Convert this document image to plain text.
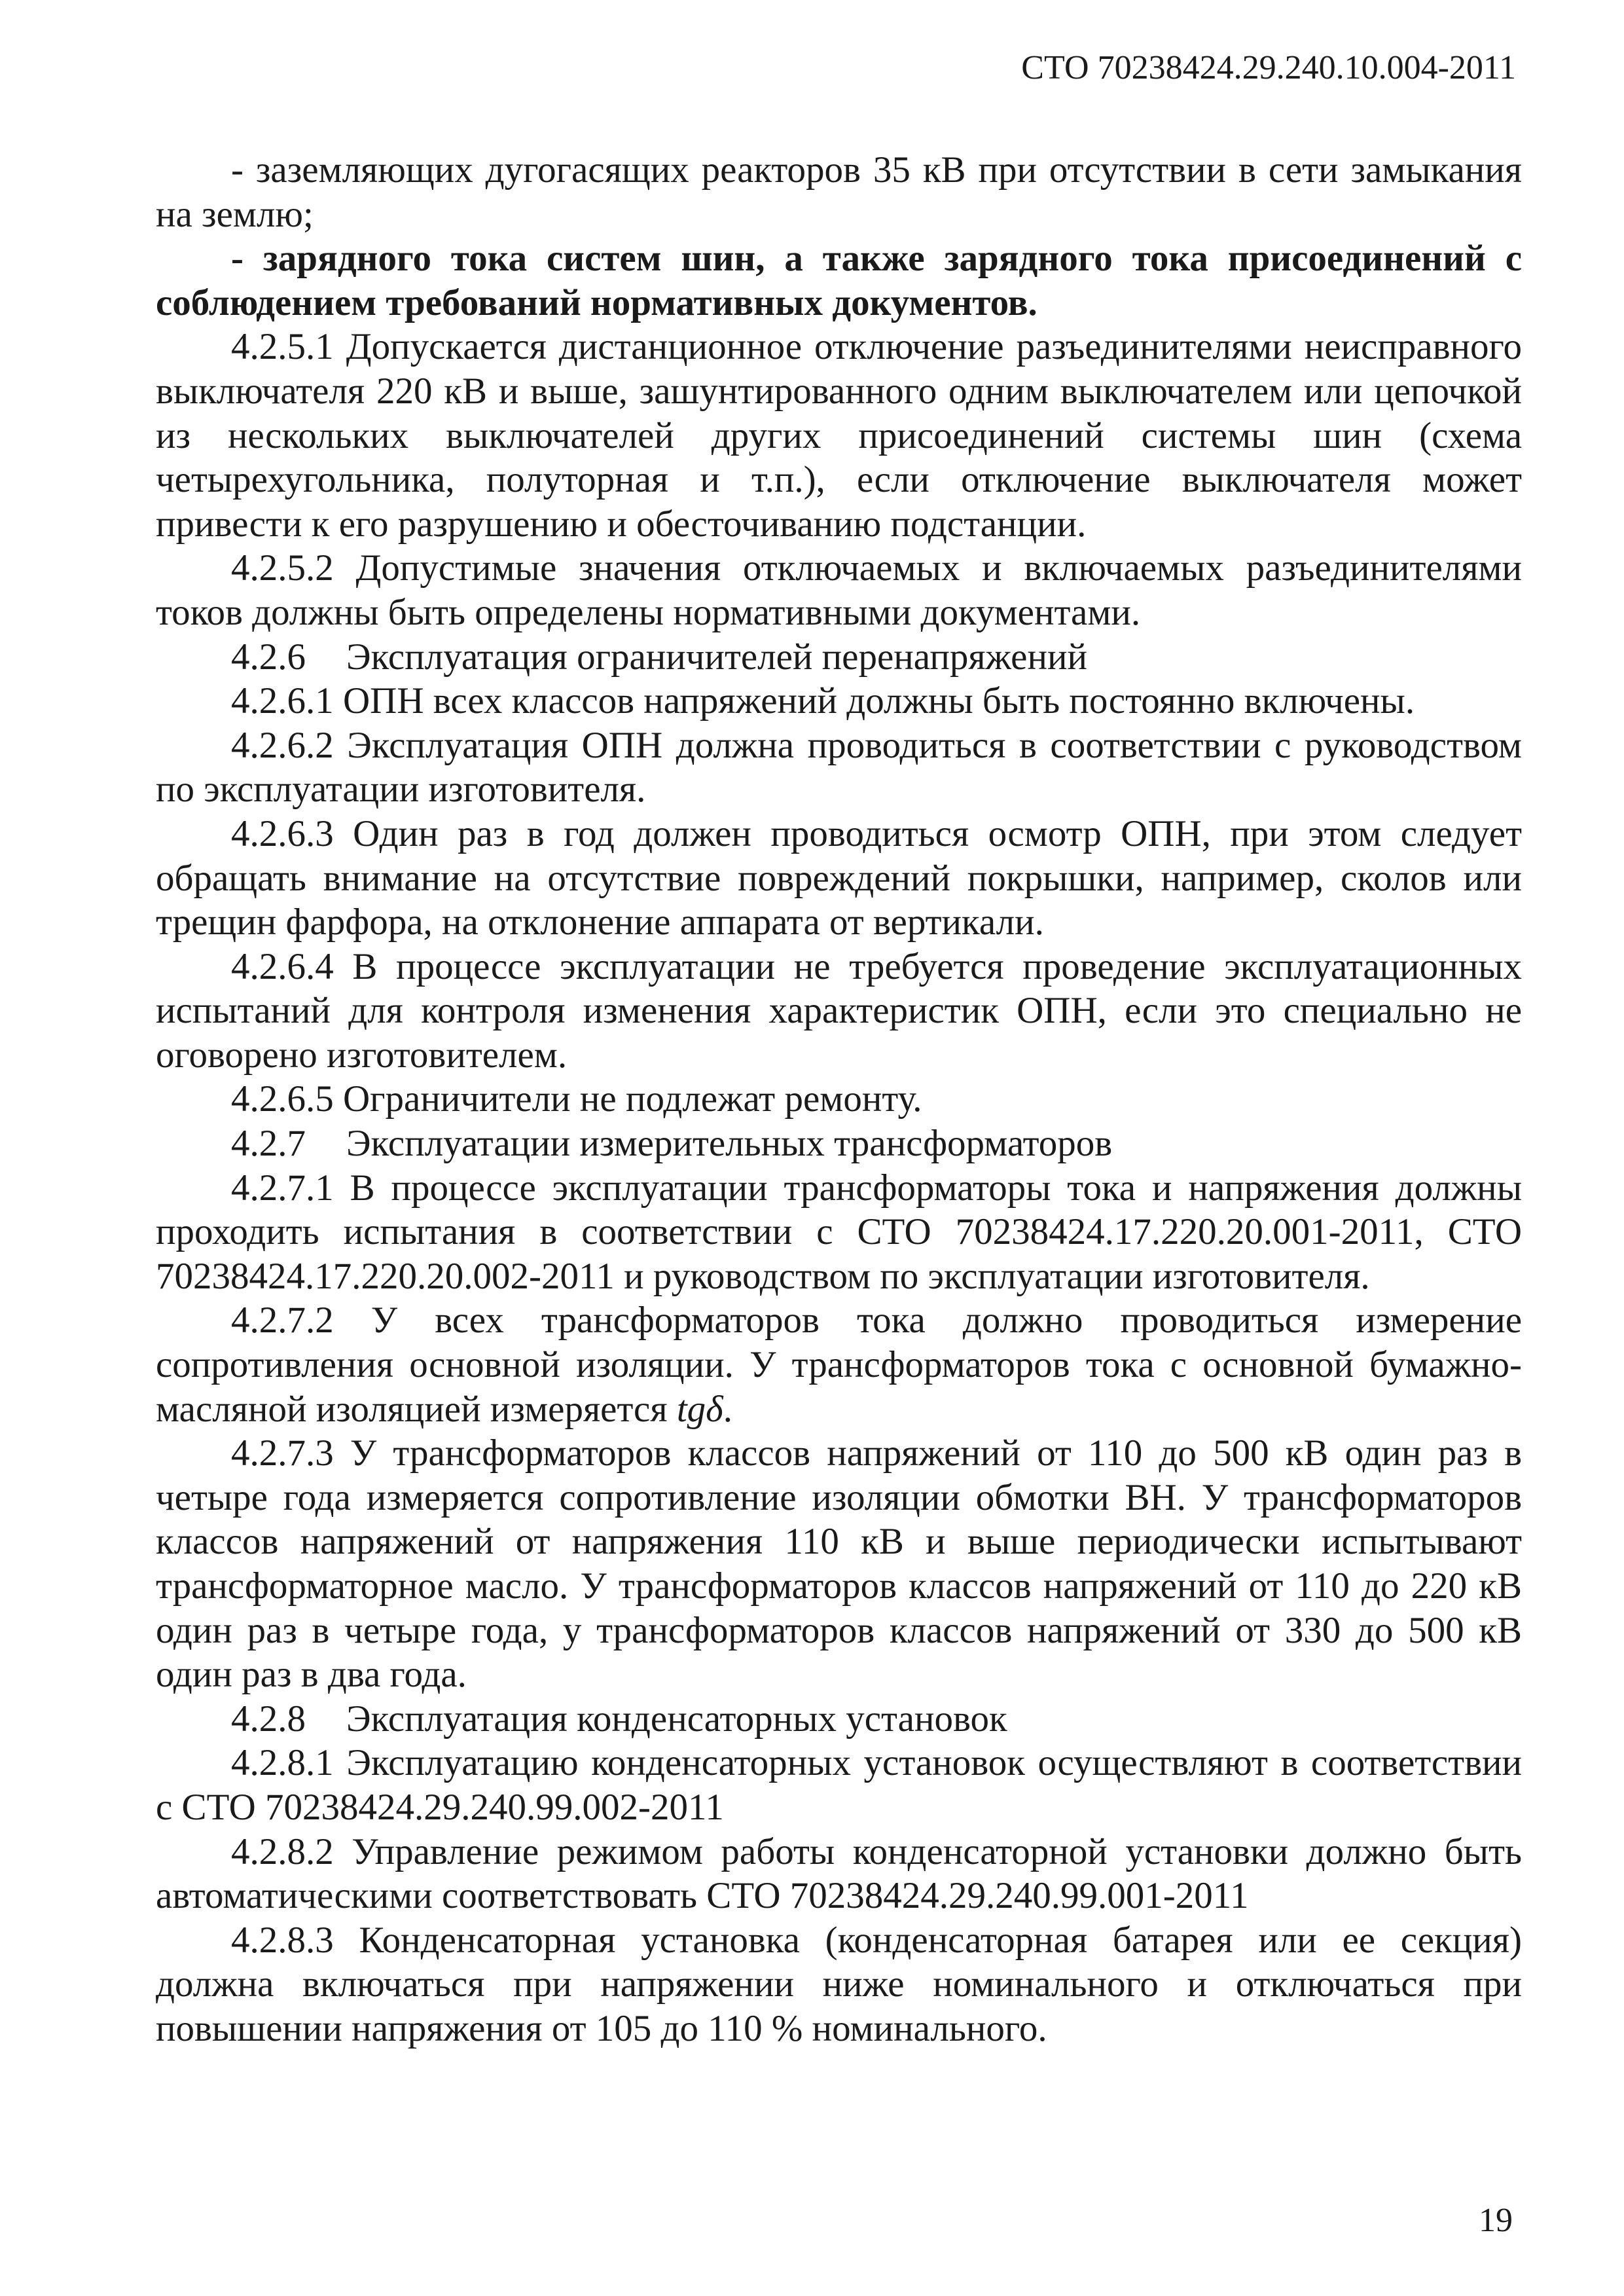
СТО 70238424.29.240.10.004-2011

- заземляющих дугогасящих реакторов 35 кВ при отсутствии в сети замыкания на землю;

- зарядного тока систем шин, а также зарядного тока присоединений с соблюдением требований нормативных документов.

4.2.5.1 Допускается дистанционное отключение разъединителями неисправного выключателя 220 кВ и выше, зашунтированного одним выключателем или цепочкой из нескольких выключателей других присоединений системы шин (схема четырехугольника, полуторная и т.п.), если отключение выключателя может привести к его разрушению и обесточиванию подстанции.

4.2.5.2 Допустимые значения отключаемых и включаемых разъединителями токов должны быть определены нормативными документами.

4.2.6 Эксплуатация ограничителей перенапряжений

4.2.6.1 ОПН всех классов напряжений должны быть постоянно включены.

4.2.6.2 Эксплуатация ОПН должна проводиться в соответствии с руководством по эксплуатации изготовителя.

4.2.6.3 Один раз в год должен проводиться осмотр ОПН, при этом следует обращать внимание на отсутствие повреждений покрышки, например, сколов или трещин фарфора, на отклонение аппарата от вертикали.

4.2.6.4 В процессе эксплуатации не требуется проведение эксплуатационных испытаний для контроля изменения характеристик ОПН, если это специально не оговорено изготовителем.

4.2.6.5 Ограничители не подлежат ремонту.

4.2.7 Эксплуатации измерительных трансформаторов

4.2.7.1 В процессе эксплуатации трансформаторы тока и напряжения должны проходить испытания в соответствии с СТО 70238424.17.220.20.001-2011, СТО 70238424.17.220.20.002-2011 и руководством по эксплуатации изготовителя.

4.2.7.2 У всех трансформаторов тока должно проводиться измерение сопротивления основной изоляции. У трансформаторов тока с основной бумажно-масляной изоляцией измеряется tgδ.

4.2.7.3 У трансформаторов классов напряжений от 110 до 500 кВ один раз в четыре года измеряется сопротивление изоляции обмотки ВН. У трансформаторов классов напряжений от напряжения 110 кВ и выше периодически испытывают трансформаторное масло. У трансформаторов классов напряжений от 110 до 220 кВ один раз в четыре года, у трансформаторов классов напряжений от 330 до 500 кВ один раз в два года.

4.2.8 Эксплуатация конденсаторных установок

4.2.8.1 Эксплуатацию конденсаторных установок осуществляют в соответствии с СТО 70238424.29.240.99.002-2011

4.2.8.2 Управление режимом работы конденсаторной установки должно быть автоматическими соответствовать СТО 70238424.29.240.99.001-2011

4.2.8.3 Конденсаторная установка (конденсаторная батарея или ее секция) должна включаться при напряжении ниже номинального и отключаться при повышении напряжения от 105 до 110 % номинального.

19
